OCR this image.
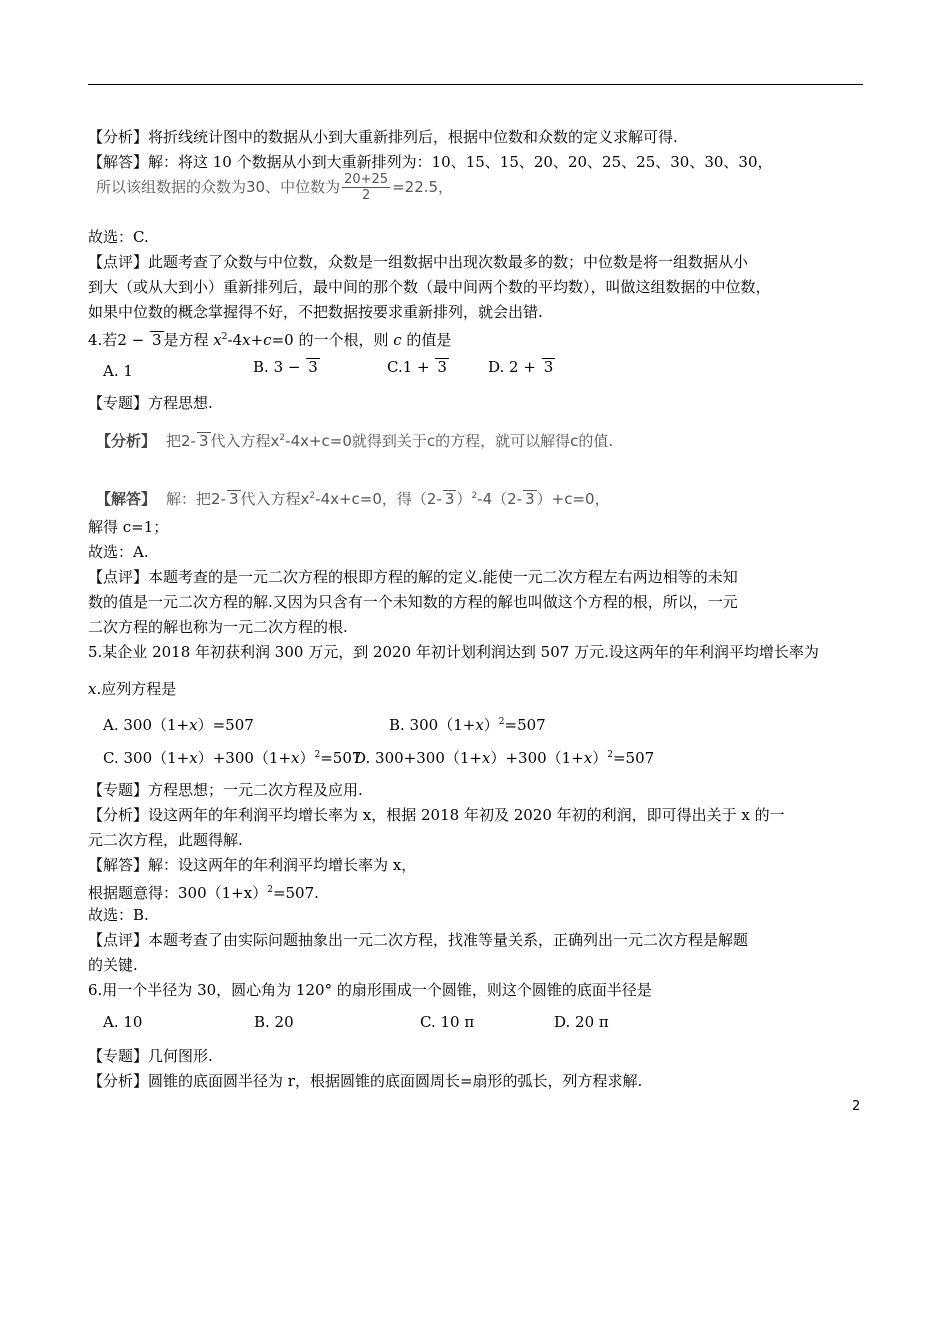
【分析】将折线统计图中的数据从小到大重新排列后，根据中位数和众数的定义求解可得.
【解答】解：将这 10 个数据从小到大重新排列为：10、15、15、20、20、25、25、30、30、30，
所以该组数据的众数为30、中位数为 $\frac{20+25}{2} =22.5$，
故选：C.
【点评】此题考查了众数与中位数，众数是一组数据中出现次数最多的数；中位数是将一组数据从小
到大（或从大到小）重新排列后，最中间的那个数（最中间两个数的平均数），叫做这组数据的中位数，
如果中位数的概念掌握得不好，不把数据按要求重新排列，就会出错.
4.若2 − 3 是方程 $x^2-4x+c=0$ 的一个根，则 c 的值是
A. 1	B. 3 − 3	C.1 + 3	D. 2 + 3
【专题】方程思想.
【分析】 把2- 3 代入方程$x^2-4x+c=0$就得到关于c的方程，就可以解得c的值.
【解答】 解：把2- 3 代入方程$x^2-4x+c=0$，得（2- 3 ）$^2$-4（2- 3 ）+c=0，
解得 c=1；
故选：A.
【点评】本题考查的是一元二次方程的根即方程的解的定义.能使一元二次方程左右两边相等的未知
数的值是一元二次方程的解.又因为只含有一个未知数的方程的解也叫做这个方程的根，所以，一元
二次方程的解也称为一元二次方程的根.
5.某企业 2018 年初获利润 300 万元，到 2020 年初计划利润达到 507 万元.设这两年的年利润平均增长率为
x.应列方程是
A. 300（1+x）=507	B. $300(1+x)^2=507$
C. $300(1+x)+300(1+x)^2=507$
D. $300+300(1+x)+300(1+x)^2=507$
【专题】方程思想；一元二次方程及应用.
【分析】设这两年的年利润平均增长率为 x，根据 2018 年初及 2020 年初的利润，即可得出关于 x 的一
元二次方程，此题得解.
【解答】解：设这两年的年利润平均增长率为 x，
根据题意得：$300(1+x)^2=507$.
故选：B.
【点评】本题考查了由实际问题抽象出一元二次方程，找准等量关系，正确列出一元二次方程是解题
的关键.
6.用一个半径为 30，圆心角为 120° 的扇形围成一个圆锥，则这个圆锥的底面半径是
A. 10	B. 20	C. 10 π	D. 20 π
【专题】几何图形.
【分析】圆锥的底面圆半径为 r，根据圆锥的底面圆周长=扇形的弧长，列方程求解.
2
